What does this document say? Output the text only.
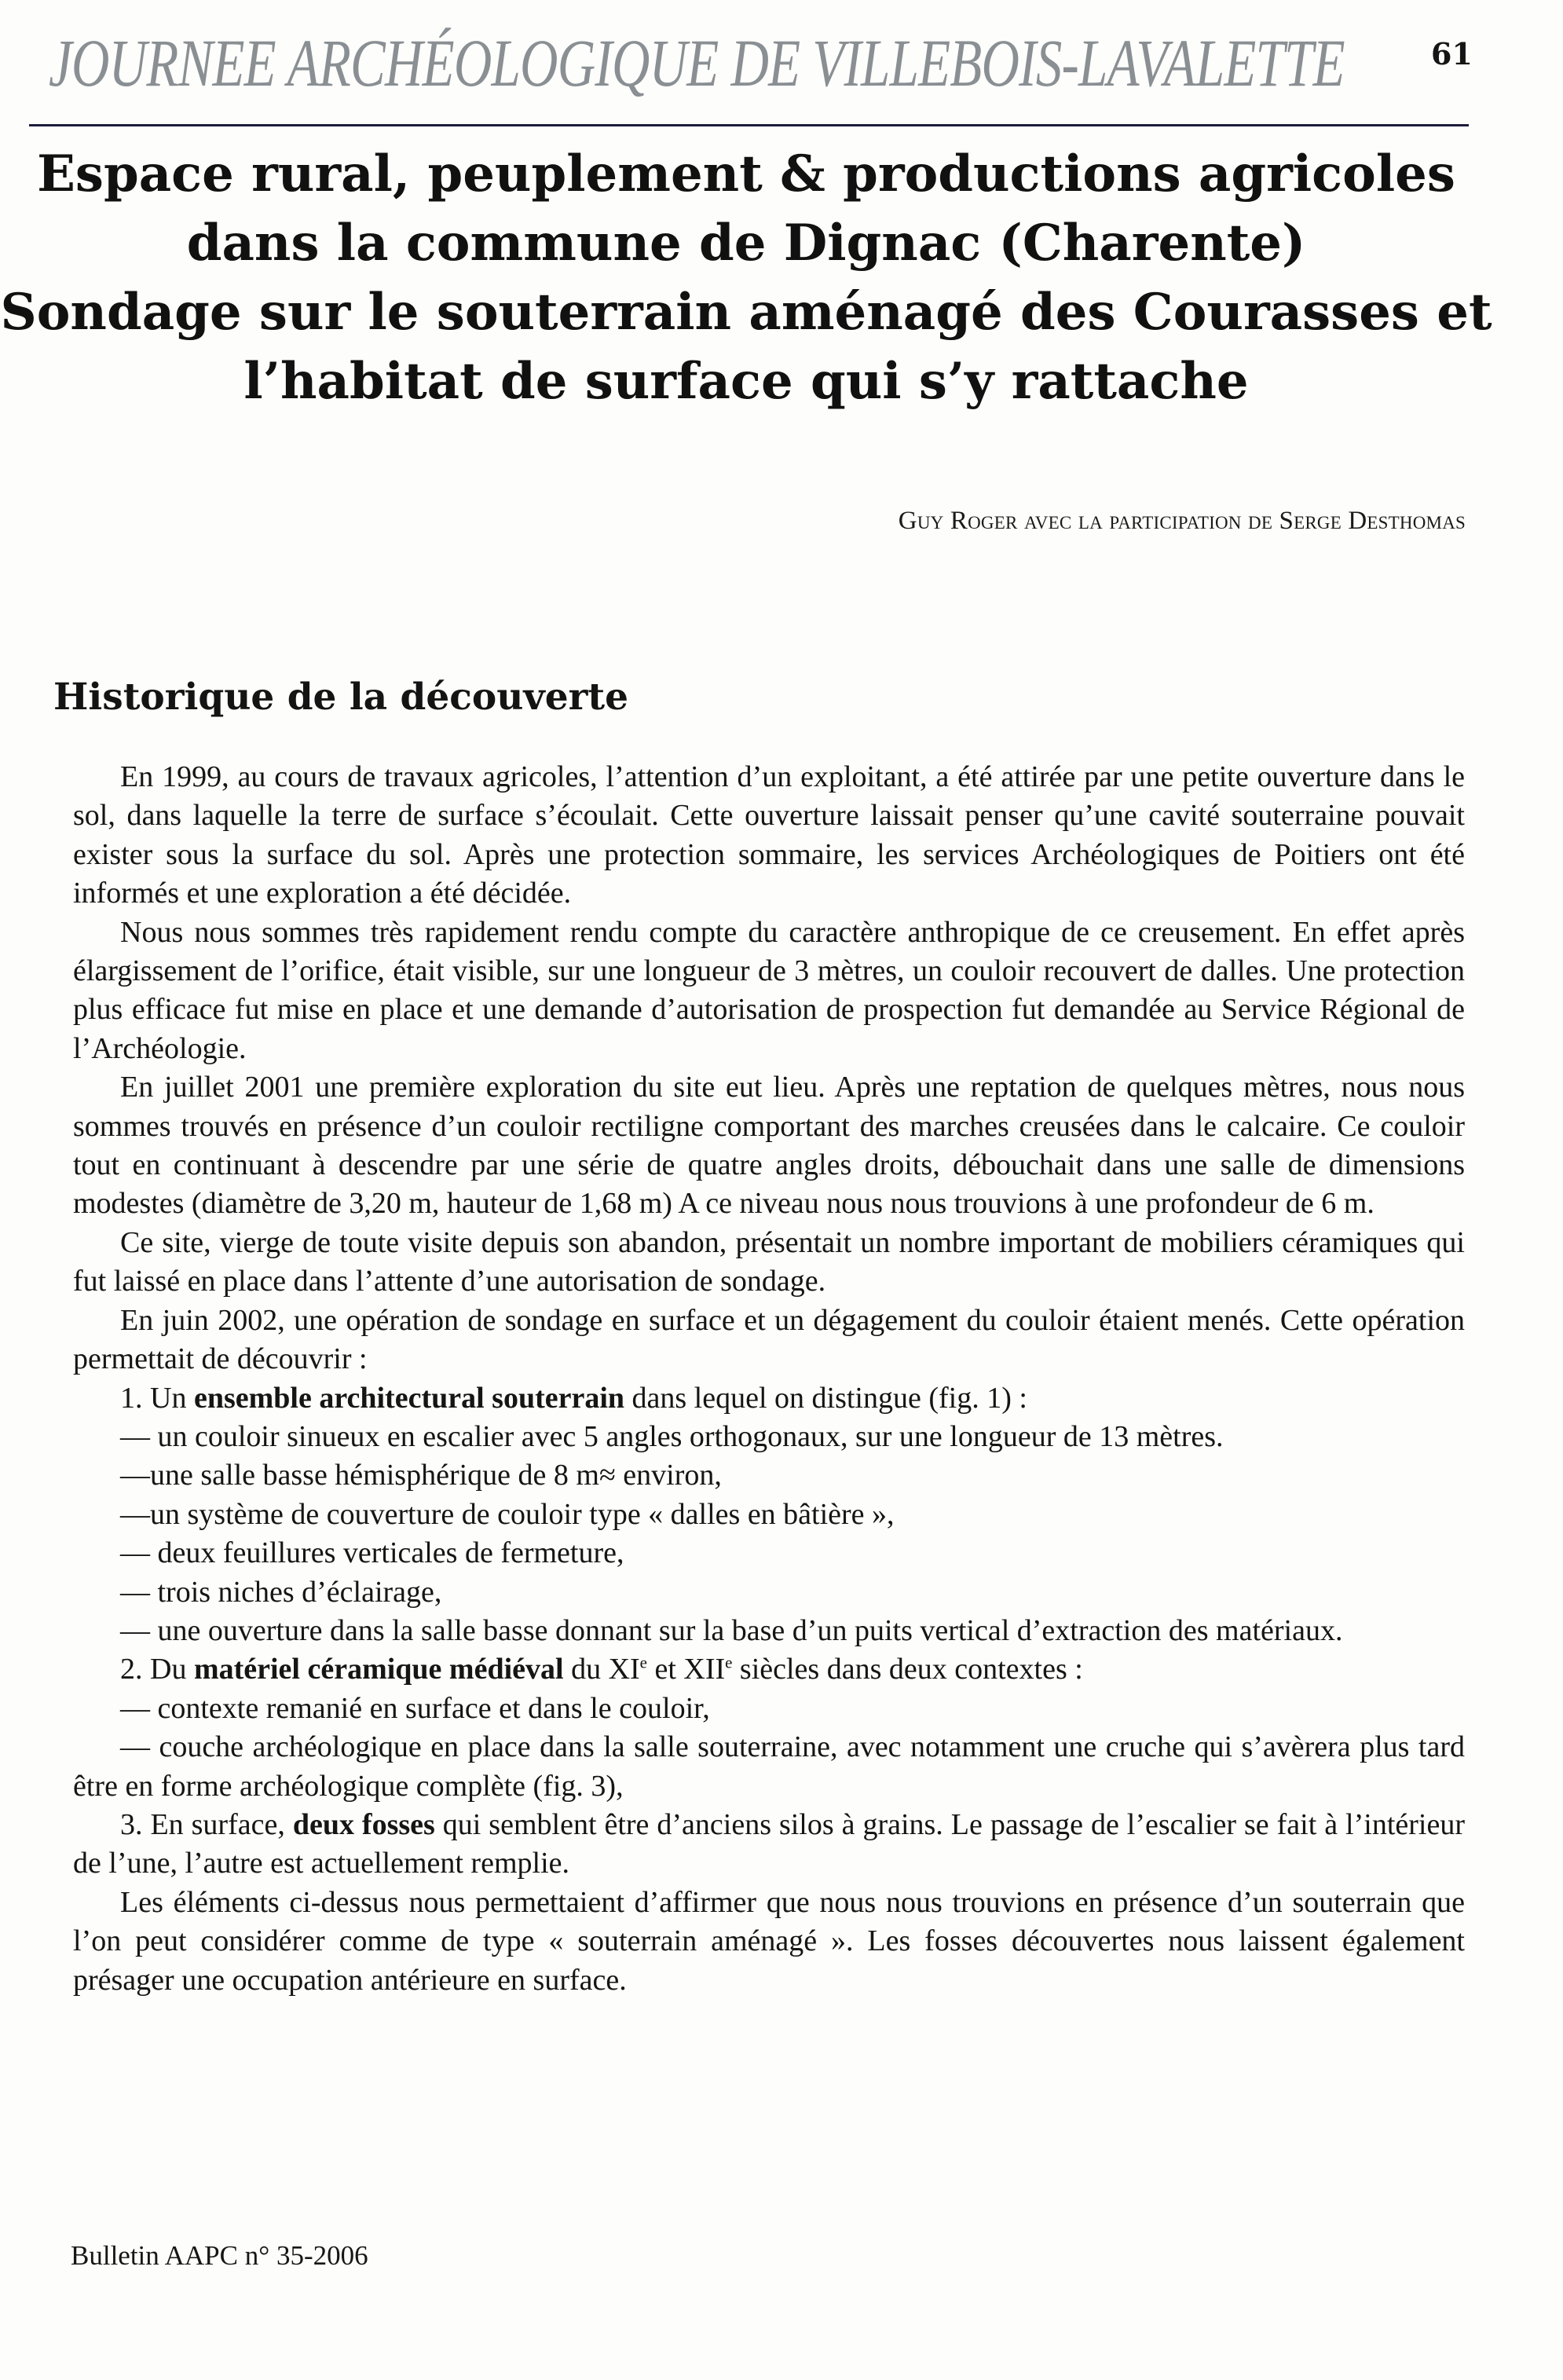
JOURNEE ARCHÉOLOGIQUE DE VILLEBOIS-LAVALETTE	61
Espace rural, peuplement & productions agricoles
dans la commune de Dignac (Charente)
Sondage sur le souterrain aménagé des Courasses et
l’habitat de surface qui s’y rattache
Guy Roger avec la participation de Serge Desthomas
Historique de la découverte

En 1999, au cours de travaux agricoles, l’attention d’un exploitant, a été attirée par une petite ouverture dans le sol, dans laquelle la terre de surface s’écoulait. Cette ouverture laissait penser qu’une cavité souterraine pouvait exister sous la surface du sol. Après une protection sommaire, les services Archéologiques de Poitiers ont été informés et une exploration a été décidée.

Nous nous sommes très rapidement rendu compte du caractère anthropique de ce creusement. En effet après élargissement de l’orifice, était visible, sur une longueur de 3 mètres, un couloir recouvert de dalles. Une protection plus efficace fut mise en place et une demande d’autorisation de prospection fut demandée au Service Régional de l’Archéologie.

En juillet 2001 une première exploration du site eut lieu. Après une reptation de quelques mètres, nous nous sommes trouvés en présence d’un couloir rectiligne comportant des marches creusées dans le calcaire. Ce couloir tout en continuant à descendre par une série de quatre angles droits, débouchait dans une salle de dimensions modestes (diamètre de 3,20 m, hauteur de 1,68 m) A ce niveau nous nous trouvions à une profondeur de 6 m.

Ce site, vierge de toute visite depuis son abandon, présentait un nombre important de mobiliers céramiques qui fut laissé en place dans l’attente d’une autorisation de sondage.

En juin 2002, une opération de sondage en surface et un dégagement du couloir étaient menés. Cette opération permettait de découvrir :

1. Un ensemble architectural souterrain dans lequel on distingue (fig. 1) :

— un couloir sinueux en escalier avec 5 angles orthogonaux, sur une longueur de 13 mètres.

—une salle basse hémisphérique de 8 m≈ environ,

—un système de couverture de couloir type « dalles en bâtière »,

— deux feuillures verticales de fermeture,

— trois niches d’éclairage,

— une ouverture dans la salle basse donnant sur la base d’un puits vertical d’extraction des matériaux.

2. Du matériel céramique médiéval du XIe et XIIe siècles dans deux contextes :

— contexte remanié en surface et dans le couloir,

— couche archéologique en place dans la salle souterraine, avec notamment une cruche qui s’avèrera plus tard être en forme archéologique complète (fig. 3),

3. En surface, deux fosses qui semblent être d’anciens silos à grains. Le passage de l’escalier se fait à l’intérieur de l’une, l’autre est actuellement remplie.

Les éléments ci-dessus nous permettaient d’affirmer que nous nous trouvions en présence d’un souterrain que l’on peut considérer comme de type « souterrain aménagé ». Les fosses découvertes nous laissent également présager une occupation antérieure en surface.

Bulletin AAPC n° 35-2006
